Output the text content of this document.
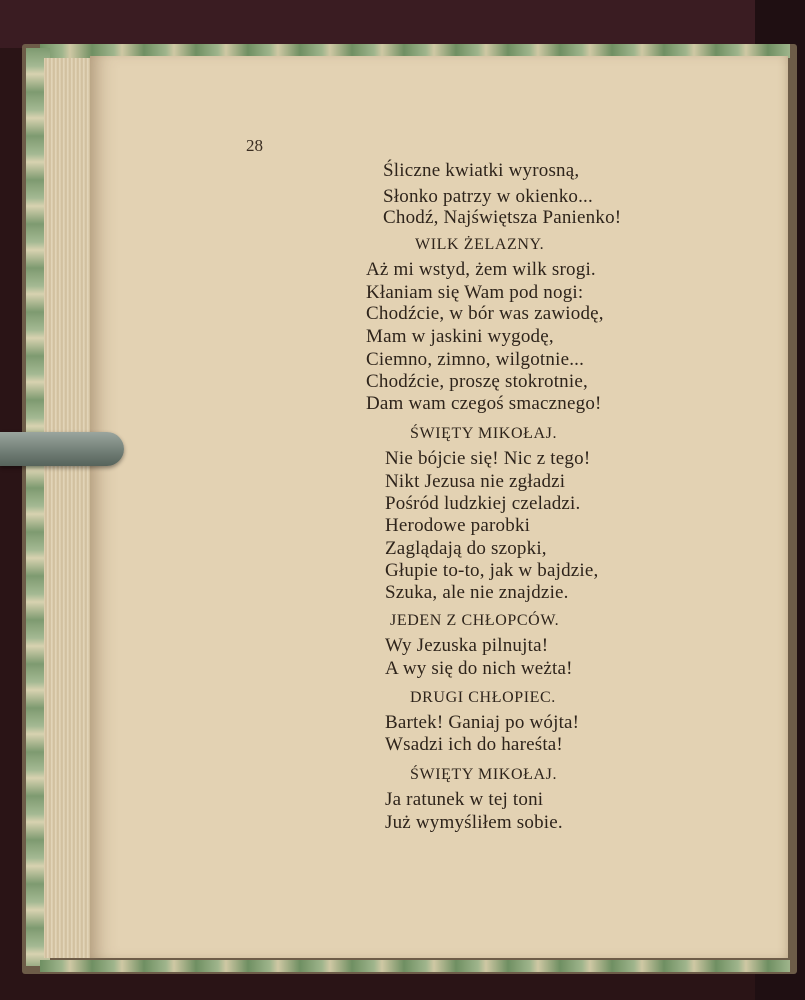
28
Śliczne kwiatki wyrosną,
Słonko patrzy w okienko...
Chodź, Najświętsza Panienko!
WILK ŻELAZNY.
Aż mi wstyd, żem wilk srogi.
Kłaniam się Wam pod nogi:
Chodźcie, w bór was zawiodę,
Mam w jaskini wygodę,
Ciemno, zimno, wilgotnie...
Chodźcie, proszę stokrotnie,
Dam wam czegoś smacznego!
ŚWIĘTY MIKOŁAJ.
Nie bójcie się! Nic z tego!
Nikt Jezusa nie zgładzi
Pośród ludzkiej czeladzi.
Herodowe parobki
Zaglądają do szopki,
Głupie to-to, jak w bajdzie,
Szuka, ale nie znajdzie.
JEDEN Z CHŁOPCÓW.
Wy Jezuska pilnujta!
A wy się do nich weżta!
DRUGI CHŁOPIEC.
Bartek! Ganiaj po wójta!
Wsadzi ich do hareśta!
ŚWIĘTY MIKOŁAJ.
Ja ratunek w tej toni
Już wymyśliłem sobie.
